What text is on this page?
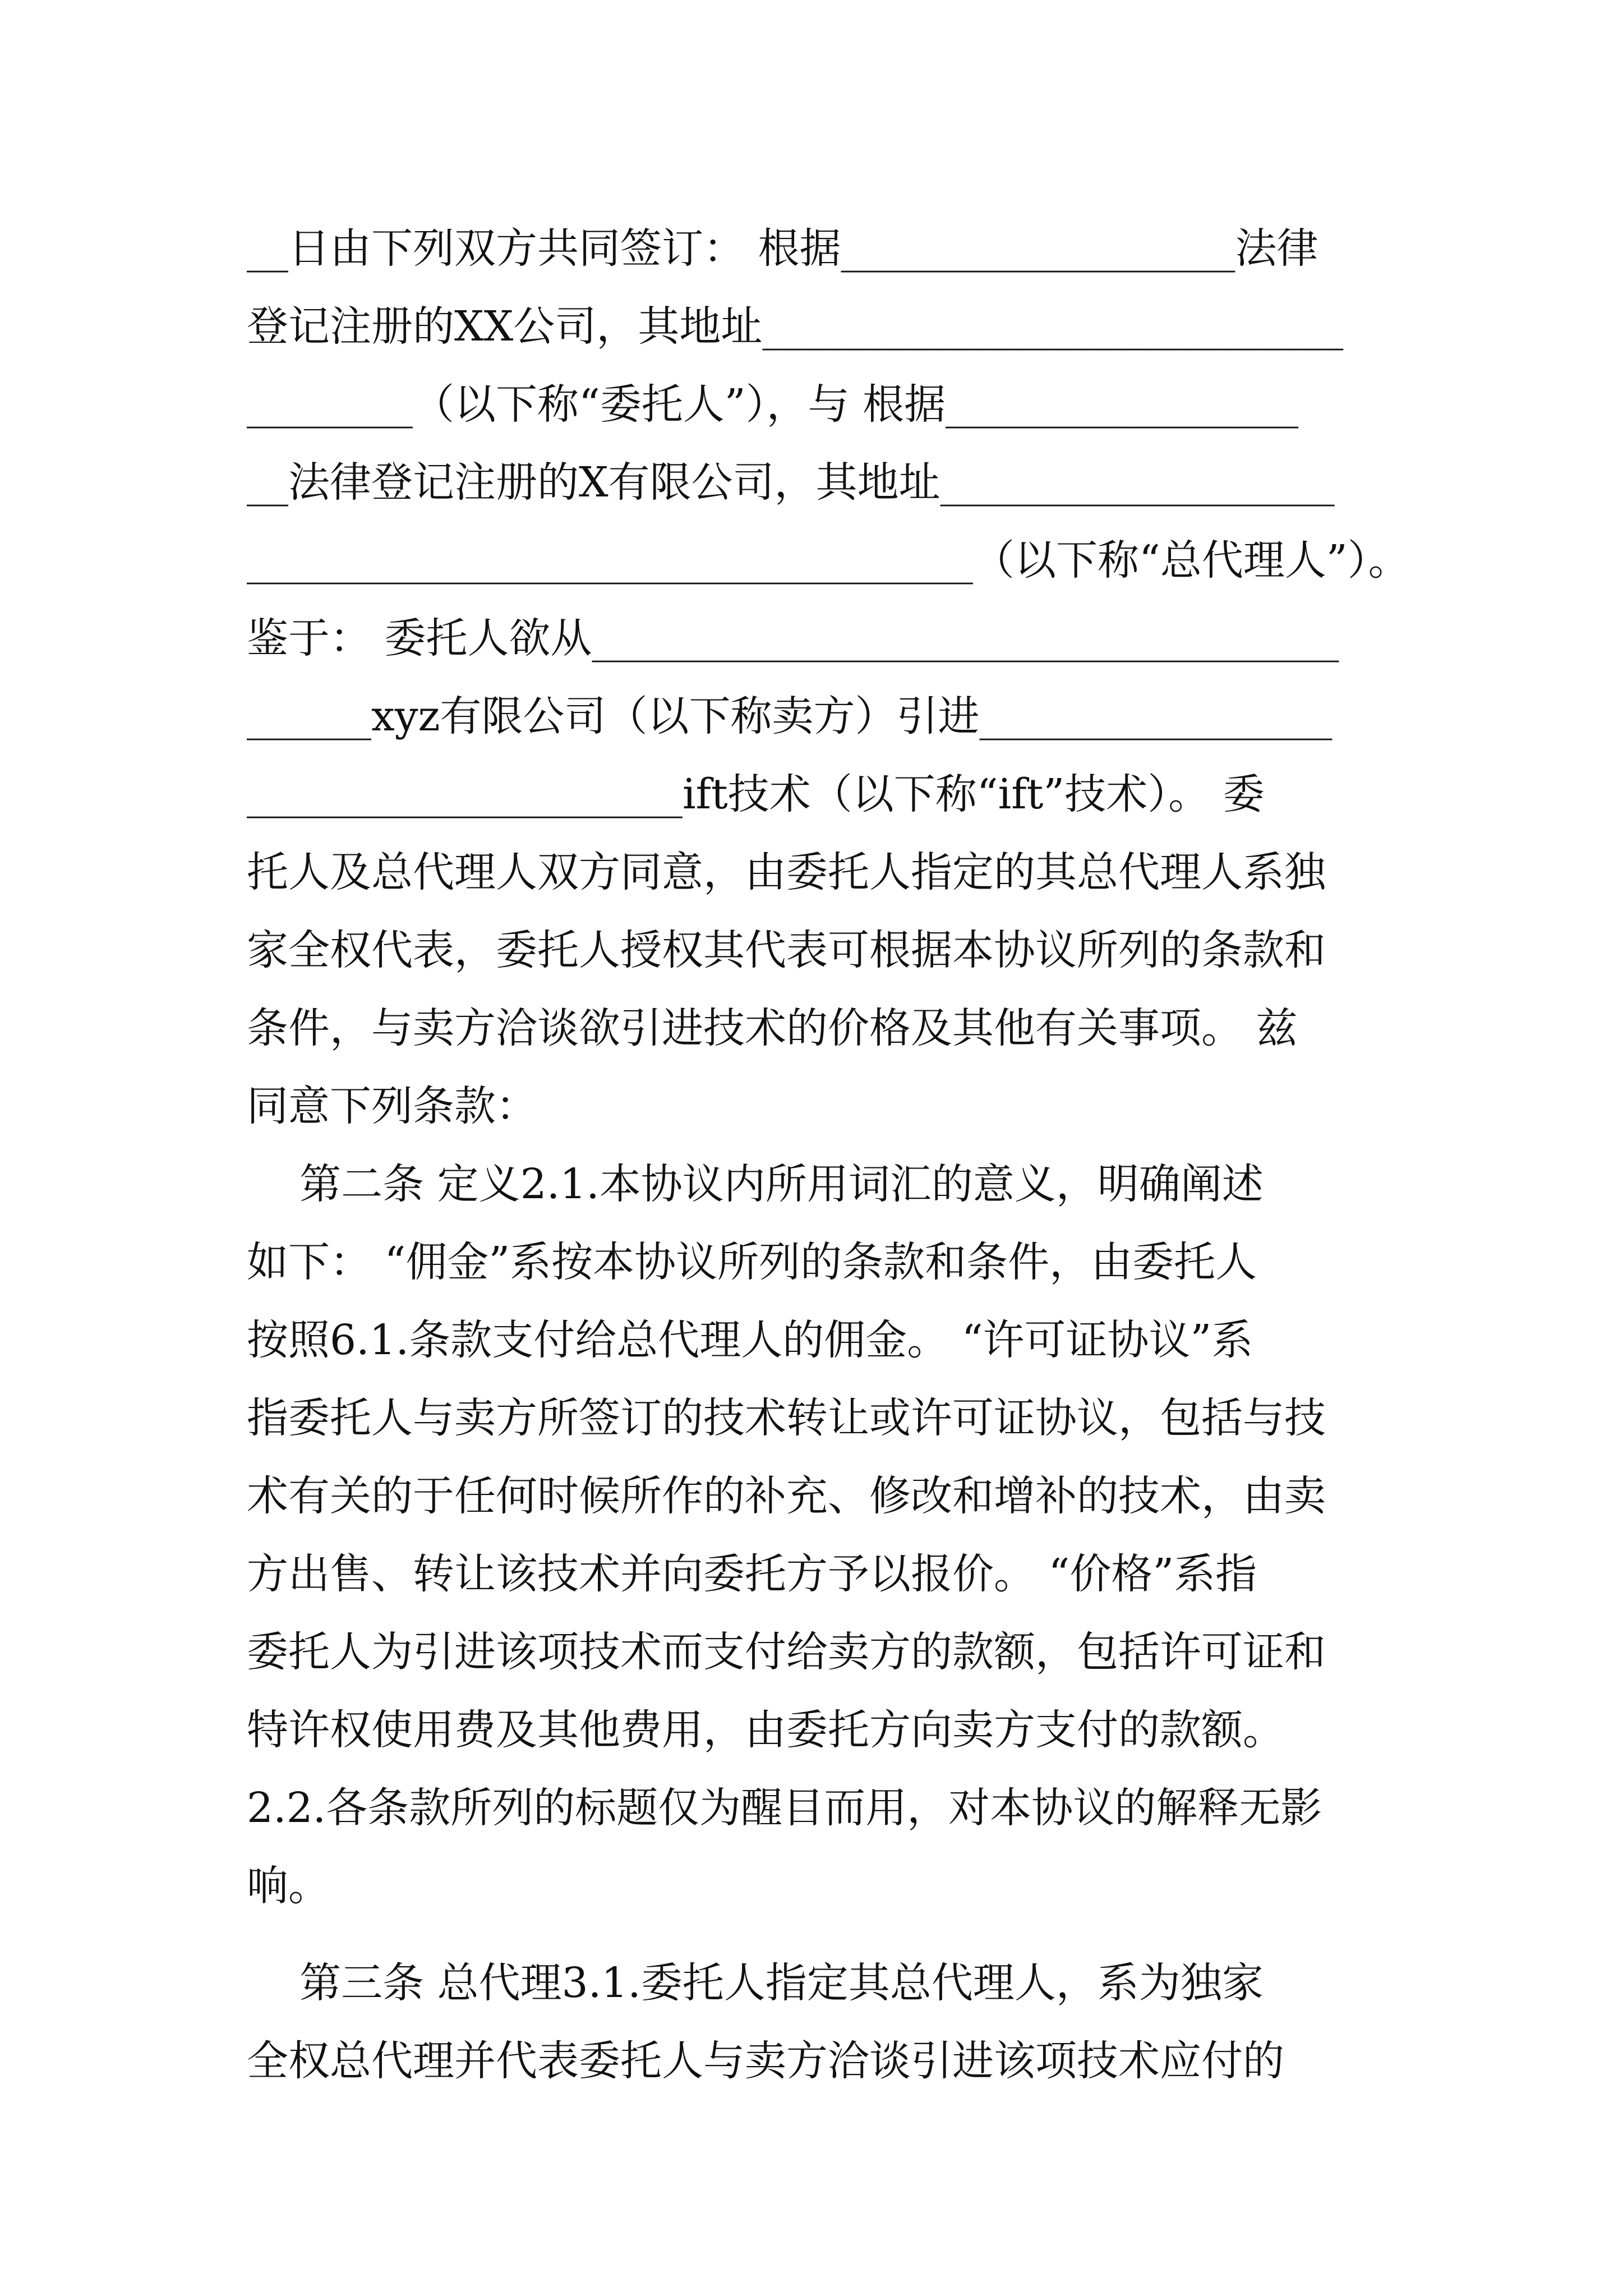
__日由下列双方共同签订： 根据___________________法律
登记注册的XX公司，其地址____________________________
________（以下称“委托人”），与 根据_________________
__法律登记注册的X有限公司，其地址___________________
___________________________________（以下称“总代理人”）。
鉴于： 委托人欲从____________________________________
______xyz有限公司（以下称卖方）引进_________________
_____________________ift技术（以下称“ift”技术）。 委
托人及总代理人双方同意，由委托人指定的其总代理人系独
家全权代表，委托人授权其代表可根据本协议所列的条款和
条件，与卖方洽谈欲引进技术的价格及其他有关事项。 兹
同意下列条款：
第二条 定义2.1.本协议内所用词汇的意义，明确阐述
如下： “佣金”系按本协议所列的条款和条件，由委托人
按照6.1.条款支付给总代理人的佣金。 “许可证协议”系
指委托人与卖方所签订的技术转让或许可证协议，包括与技
术有关的于任何时候所作的补充、修改和增补的技术，由卖
方出售、转让该技术并向委托方予以报价。 “价格”系指
委托人为引进该项技术而支付给卖方的款额，包括许可证和
特许权使用费及其他费用，由委托方向卖方支付的款额。
2.2.各条款所列的标题仅为醒目而用，对本协议的解释无影
响。
第三条 总代理3.1.委托人指定其总代理人，系为独家
全权总代理并代表委托人与卖方洽谈引进该项技术应付的
